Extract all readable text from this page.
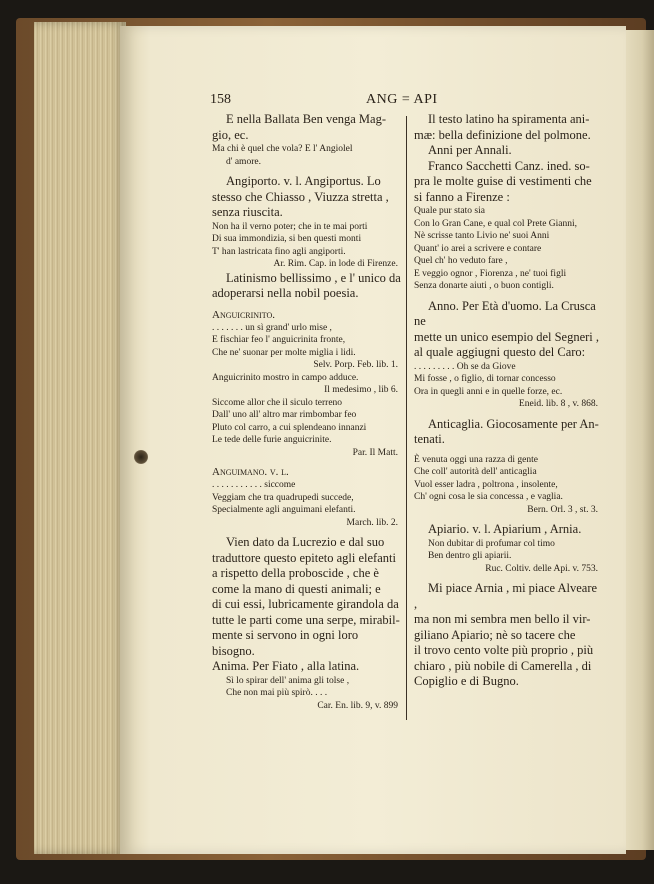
158	ANG = API

E nella Ballata Ben venga Mag-

gio, ec.

Ma chi è quel che vola? E l' Angiolel

d' amore.

Angiporto. v. l. Angiportus. Lo

stesso che Chiasso , Viuzza stretta ,

senza riuscita.

Non ha il verno poter; che in te mai porti

Di sua immondizia, si ben questi monti

T' han lastricata fino agli angiporti.

Ar. Rim. Cap. in lode di Firenze.

Latinismo bellissimo , e l' unico da

adoperarsi nella nobil poesia.

Anguicrinito.

. . . . . . . un sì grand' urlo mise ,

E fischiar feo l' anguicrinita fronte,

Che ne' suonar per molte miglia i lidi.

Selv. Porp. Feb. lib. 1.

Anguicrinito mostro in campo adduce.

Il medesimo , lib 6.

Siccome allor che il siculo terreno

Dall' uno all' altro mar rimbombar feo

Pluto col carro, a cui splendeano innanzi

Le tede delle furie anguicrinite.

Par. Il Matt.

Anguimano. v. l.

. . . . . . . . . . . siccome

Veggiam che tra quadrupedi succede,

Specialmente agli anguimani elefanti.

March. lib. 2.

Vien dato da Lucrezio e dal suo

traduttore questo epiteto agli elefanti

a rispetto della proboscide , che è

come la mano di questi animali; e

di cui essi, lubricamente girandola da

tutte le parti come una serpe, mirabil-

mente si servono in ogni loro bisogno.

Anima. Per Fiato , alla latina.

Sì lo spirar dell' anima gli tolse ,

Che non mai più spirò. . . .

Car. En. lib. 9, v. 899

Il testo latino ha spiramenta ani-

mæ: bella definizione del polmone.

Anni per Annali.

Franco Sacchetti Canz. ined. so-

pra le molte guise di vestimenti che

si fanno a Firenze :

Quale pur stato sia

Con lo Gran Cane, e qual col Prete Gianni,

Nè scrisse tanto Livio ne' suoi Anni

Quant' io arei a scrivere e contare

Quel ch' ho veduto fare ,

E veggio ognor , Fiorenza , ne' tuoi figli

Senza donarte aiuti , o buon contigli.

Anno. Per Età d'uomo. La Crusca ne

mette un unico esempio del Segneri ,

al quale aggiugni questo del Caro:

. . . . . . . . . Oh se da Giove

Mi fosse , o figlio, di tornar concesso

Ora in quegli anni e in quelle forze, ec.

Eneid. lib. 8 , v. 868.

Anticaglia. Giocosamente per An-

tenati.

È venuta oggi una razza di gente

Che coll' autorità dell' anticaglia

Vuol esser ladra , poltrona , insolente,

Ch' ogni cosa le sia concessa , e vaglia.

Bern. Orl. 3 , st. 3.

Apiario. v. l. Apiarium , Arnia.

Non dubitar di profumar col timo

Ben dentro gli apiarii.

Ruc. Coltiv. delle Api. v. 753.

Mi piace Arnia , mi piace Alveare ,

ma non mi sembra men bello il vir-

giliano Apiario; nè so tacere che

il trovo cento volte più proprio , più

chiaro , più nobile di Camerella , di

Copiglio e di Bugno.
